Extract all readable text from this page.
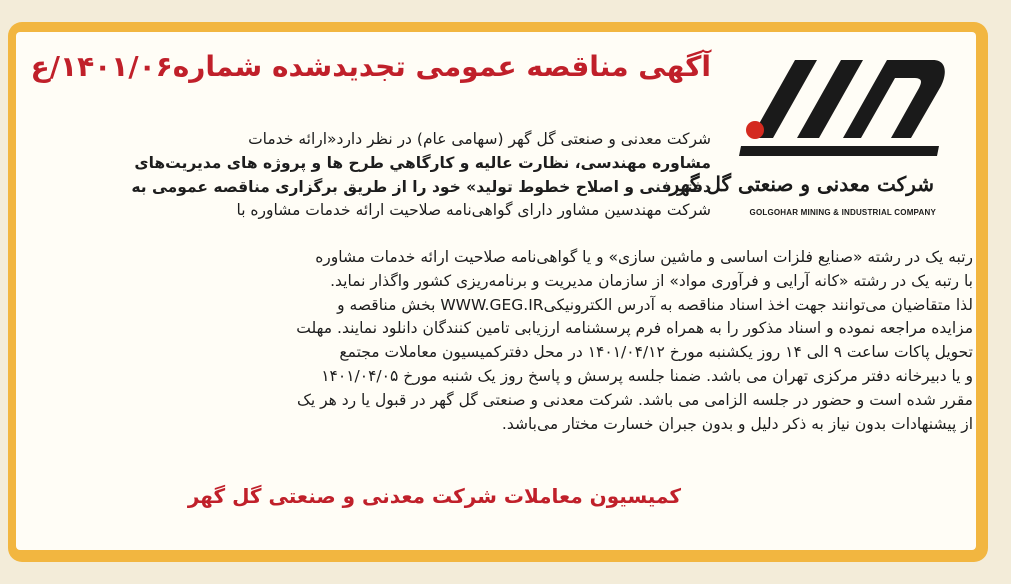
آگهی مناقصه عمومی تجدیدشده شماره۱۴۰۱/۰۶/ع
شرکت معدنی و صنعتی گل گهر
GOLGOHAR MINING & INDUSTRIAL COMPANY
شرکت معدنی و صنعتی گل گهر (سهامی عام) در نظر دارد«ارائه خدمات
مشاوره مهندسی، نظارت عالیه و کارگاهي طرح ها و پروژه های مدیریت‌های
دفتر فنی و اصلاح خطوط تولید» خود را از طریق برگزاری مناقصه عمومی به
شرکت مهندسین مشاور دارای گواهی‌نامه صلاحیت ارائه خدمات مشاوره با
رتبه یک در رشته «صنایع فلزات اساسی و ماشین سازی» و یا گواهی‌نامه صلاحیت ارائه خدمات مشاوره
با رتبه یک در رشته «کانه آرایی و فرآوری مواد» از سازمان مدیریت و برنامه‌ریزی کشور واگذار نماید.
لذا متقاضیان می‌توانند جهت اخذ اسناد مناقصه به آدرس الکترونیکیWWW.GEG.IR بخش مناقصه و
مزایده مراجعه نموده و اسناد مذکور را به همراه فرم پرسشنامه ارزیابی تامین کنندگان دانلود نمایند. مهلت
تحویل پاکات ساعت ۹ الی ۱۴ روز یکشنبه مورخ ۱۴۰۱/۰۴/۱۲ در محل دفترکمیسیون معاملات مجتمع
و یا دبیرخانه دفتر مرکزی تهران می باشد. ضمنا جلسه پرسش و پاسخ روز یک شنبه مورخ ۱۴۰۱/۰۴/۰۵
مقرر شده است و حضور در جلسه الزامی می باشد. شرکت معدنی و صنعتی گل گهر در قبول یا رد هر یک
از پیشنهادات بدون نیاز به ذکر دلیل و بدون جبران خسارت مختار می‌باشد.
کمیسیون معاملات شرکت معدنی و صنعتی گل گهر
